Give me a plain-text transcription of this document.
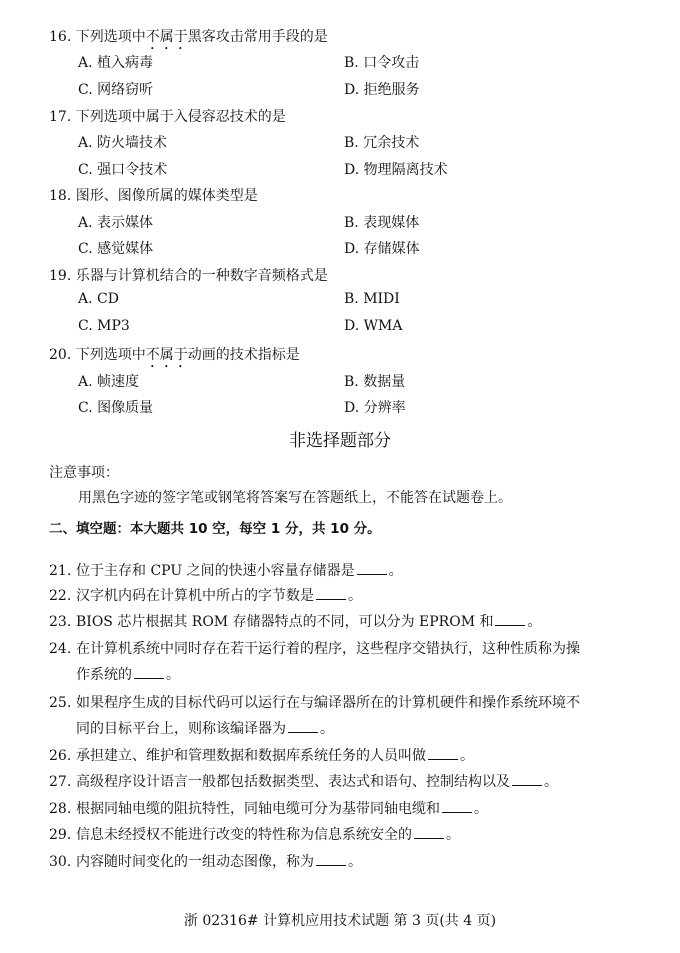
16. 下列选项中不属于黑客攻击常用手段的是
A. 植入病毒	B. 口令攻击
C. 网络窃听	D. 拒绝服务
17. 下列选项中属于入侵容忍技术的是
A. 防火墙技术	B. 冗余技术
C. 强口令技术	D. 物理隔离技术
18. 图形、图像所属的媒体类型是
A. 表示媒体	B. 表现媒体
C. 感觉媒体	D. 存储媒体
19. 乐器与计算机结合的一种数字音频格式是
A. CD	B. MIDI
C. MP3	D. WMA
20. 下列选项中不属于动画的技术指标是
A. 帧速度	B. 数据量
C. 图像质量	D. 分辨率
非选择题部分
注意事项：
用黑色字迹的签字笔或钢笔将答案写在答题纸上，不能答在试题卷上。
二、填空题：本大题共 10 空，每空 1 分，共 10 分。
21. 位于主存和 CPU 之间的快速小容量存储器是 。
22. 汉字机内码在计算机中所占的字节数是 。
23. BIOS 芯片根据其 ROM 存储器特点的不同，可以分为 EPROM 和 。
24. 在计算机系统中同时存在若干运行着的程序，这些程序交错执行，这种性质称为操
作系统的 。
25. 如果程序生成的目标代码可以运行在与编译器所在的计算机硬件和操作系统环境不
同的目标平台上，则称该编译器为 。
26. 承担建立、维护和管理数据和数据库系统任务的人员叫做 。
27. 高级程序设计语言一般都包括数据类型、表达式和语句、控制结构以及 。
28. 根据同轴电缆的阻抗特性，同轴电缆可分为基带同轴电缆和 。
29. 信息未经授权不能进行改变的特性称为信息系统安全的 。
30. 内容随时间变化的一组动态图像，称为 。
浙 02316# 计算机应用技术试题 第 3 页(共 4 页)
